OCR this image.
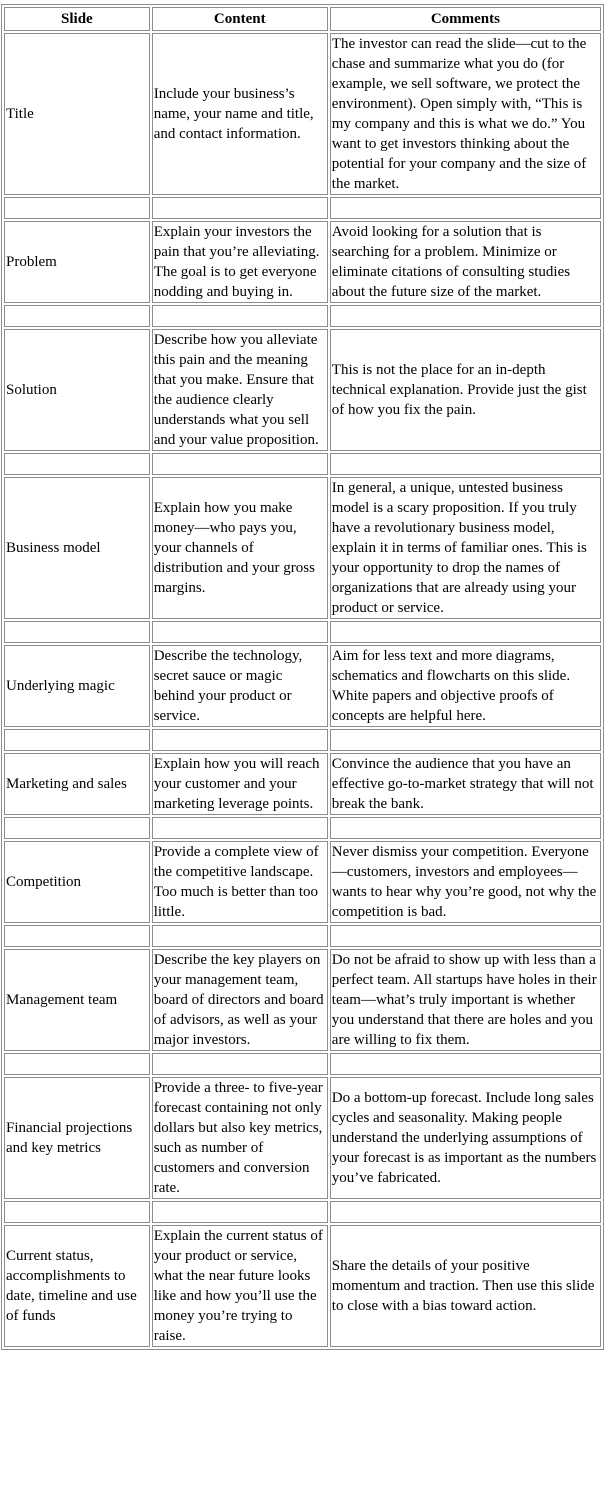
Slide	Content	Comments
Title	Include your business’s name, your name and title, and contact information.	The investor can read the slide—cut to the chase and summarize what you do (for example, we sell software, we protect the environment). Open simply with, “This is my company and this is what we do.” You want to get investors thinking about the potential for your company and the size of the market.

Problem	Explain your investors the pain that you’re alleviating. The goal is to get everyone nodding and buying in.	Avoid looking for a solution that is searching for a problem. Minimize or eliminate citations of consulting studies about the future size of the market.

Solution	Describe how you alleviate this pain and the meaning that you make. Ensure that the audience clearly understands what you sell and your value proposition.	This is not the place for an in-depth technical explanation. Provide just the gist of how you fix the pain.

Business model	Explain how you make money—who pays you, your channels of distribution and your gross margins.	In general, a unique, untested business model is a scary proposition. If you truly have a revolutionary business model, explain it in terms of familiar ones. This is your opportunity to drop the names of organizations that are already using your product or service.

Underlying magic	Describe the technology, secret sauce or magic behind your product or service.	Aim for less text and more diagrams, schematics and flowcharts on this slide. White papers and objective proofs of concepts are helpful here.

Marketing and sales	Explain how you will reach your customer and your marketing leverage points.	Convince the audience that you have an effective go-to-market strategy that will not break the bank.

Competition	Provide a complete view of the competitive landscape. Too much is better than too little.	Never dismiss your competition. Everyone—customers, investors and employees—wants to hear why you’re good, not why the competition is bad.

Management team	Describe the key players on your management team, board of directors and board of advisors, as well as your major investors.	Do not be afraid to show up with less than a perfect team. All startups have holes in their team—what’s truly important is whether you understand that there are holes and you are willing to fix them.

Financial projections and key metrics	Provide a three- to five-year forecast containing not only dollars but also key metrics, such as number of customers and conversion rate.	Do a bottom-up forecast. Include long sales cycles and seasonality. Making people understand the underlying assumptions of your forecast is as important as the numbers you’ve fabricated.

Current status, accomplishments to date, timeline and use of funds	Explain the current status of your product or service, what the near future looks like and how you’ll use the money you’re trying to raise.	Share the details of your positive momentum and traction. Then use this slide to close with a bias toward action.
